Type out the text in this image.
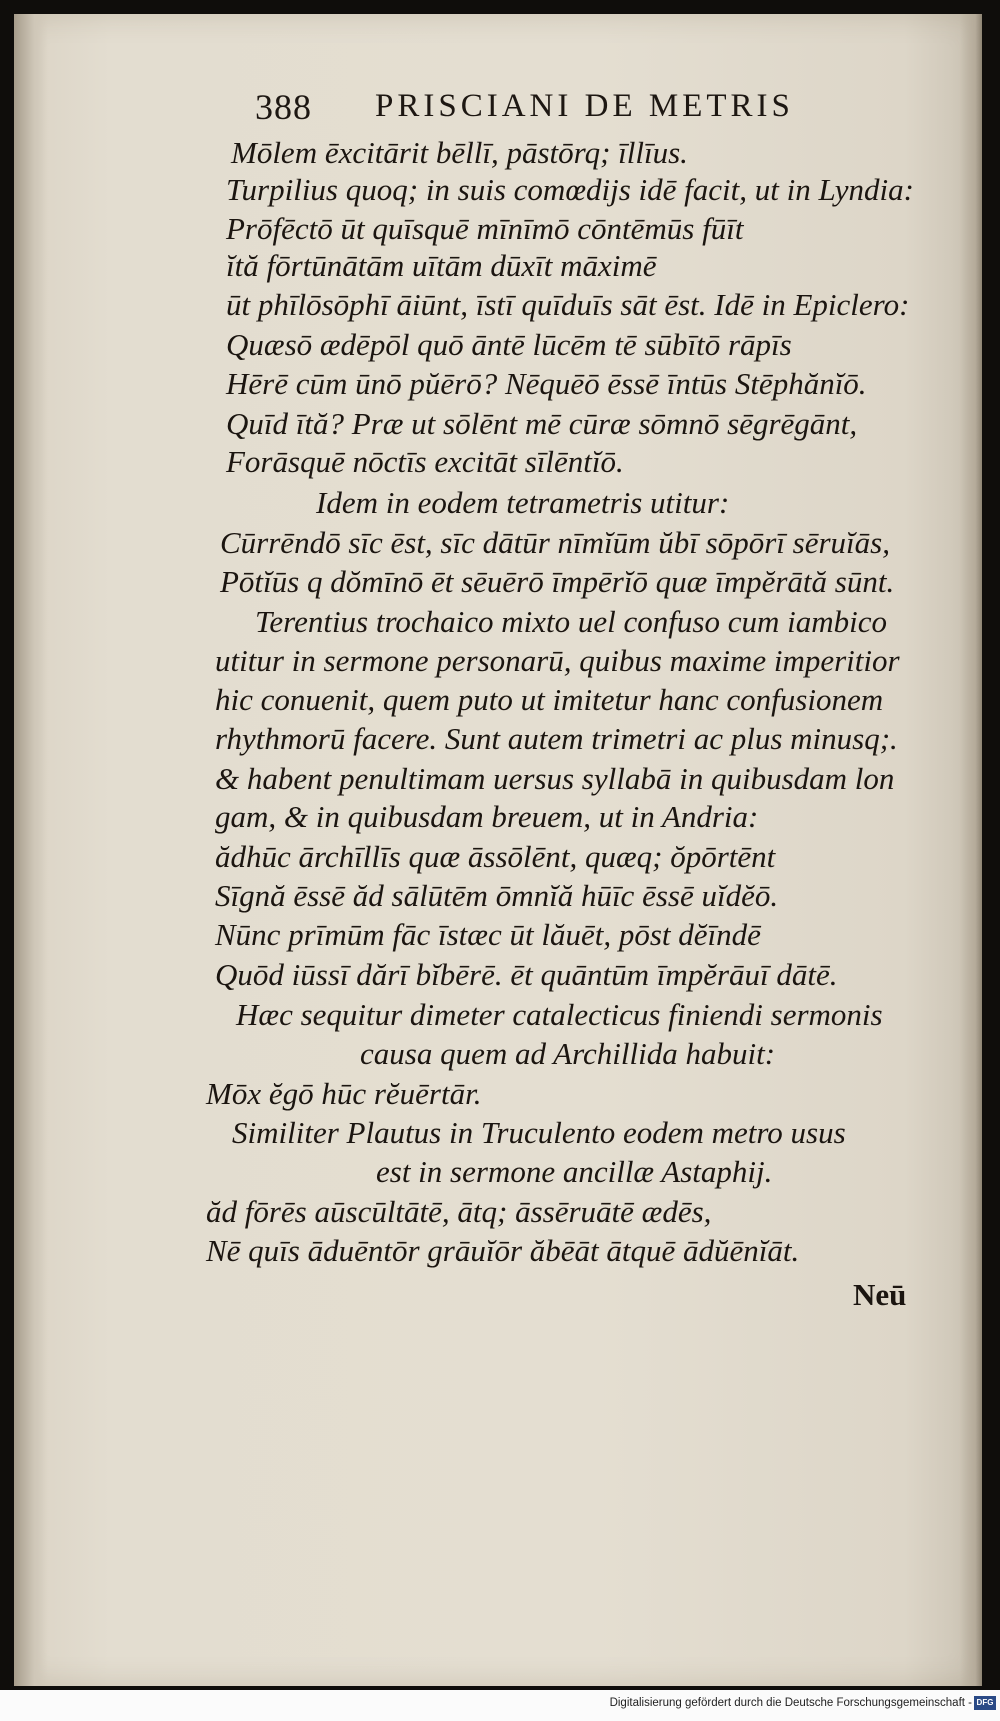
388 PRISCIANI DE METRIS
Mōlem ēxcitārit bēllī, pāstōrq; īllīus.
Turpilius quoq; in suis comœdijs idē facit, ut in Lyndia:
Prōfēctō ūt quīsquē mīnīmō cōntēmūs fūīt
ĭtă fōrtūnātām uītām dūxīt māximē
ūt phīlōsōphī āiūnt, īstī quīduīs sāt ēst. Idē in Epiclero:
Quæsō ædēpōl quō āntē lūcēm tē sūbītō rāpīs
Hērē cūm ūnō pŭērō? Nēquēō ēssē īntūs Stēphănĭō.
Quīd ītă? Præ ut sōlēnt mē cūræ sōmnō sēgrēgānt,
Forāsquē nōctīs excitāt sīlēntĭō.
Idem in eodem tetrametris utitur:
Cūrrēndō sīc ēst, sīc dātūr nīmĭūm ŭbī sōpōrī sēruĭās,
Pōtĭūs q dŏmīnō ēt sēuērō īmpērĭō quæ īmpĕrātă sūnt.
Terentius trochaico mixto uel confuso cum iambico
utitur in sermone personarū, quibus maxime imperitior
hic conuenit, quem puto ut imitetur hanc confusionem
rhythmorū facere. Sunt autem trimetri ac plus minusq;.
& habent penultimam uersus syllabā in quibusdam lon
gam, & in quibusdam breuem, ut in Andria:
ădhūc ārchīllīs quæ āssōlēnt, quæq; ŏpōrtēnt
Sīgnă ēssē ăd sālūtēm ōmnĭă hūīc ēssē uĭdĕō.
Nūnc prīmūm fāc īstæc ūt lăuēt, pōst dĕīndē
Quōd iūssī dărī bĭbērē. ēt quāntūm īmpĕrāuī dātē.
Hæc sequitur dimeter catalecticus finiendi sermonis
causa quem ad Archillida habuit:
Mōx ĕgō hūc rĕuērtār.
Similiter Plautus in Truculento eodem metro usus
est in sermone ancillæ Astaphij.
ăd fōrēs aūscūltātē, ātq; āssēruātē ædēs,
Nē quīs āduēntōr grāuĭōr ăbēāt ātquē ādŭēnĭāt.
Neū
Digitalisierung gefördert durch die Deutsche Forschungsgemeinschaft - DFG
